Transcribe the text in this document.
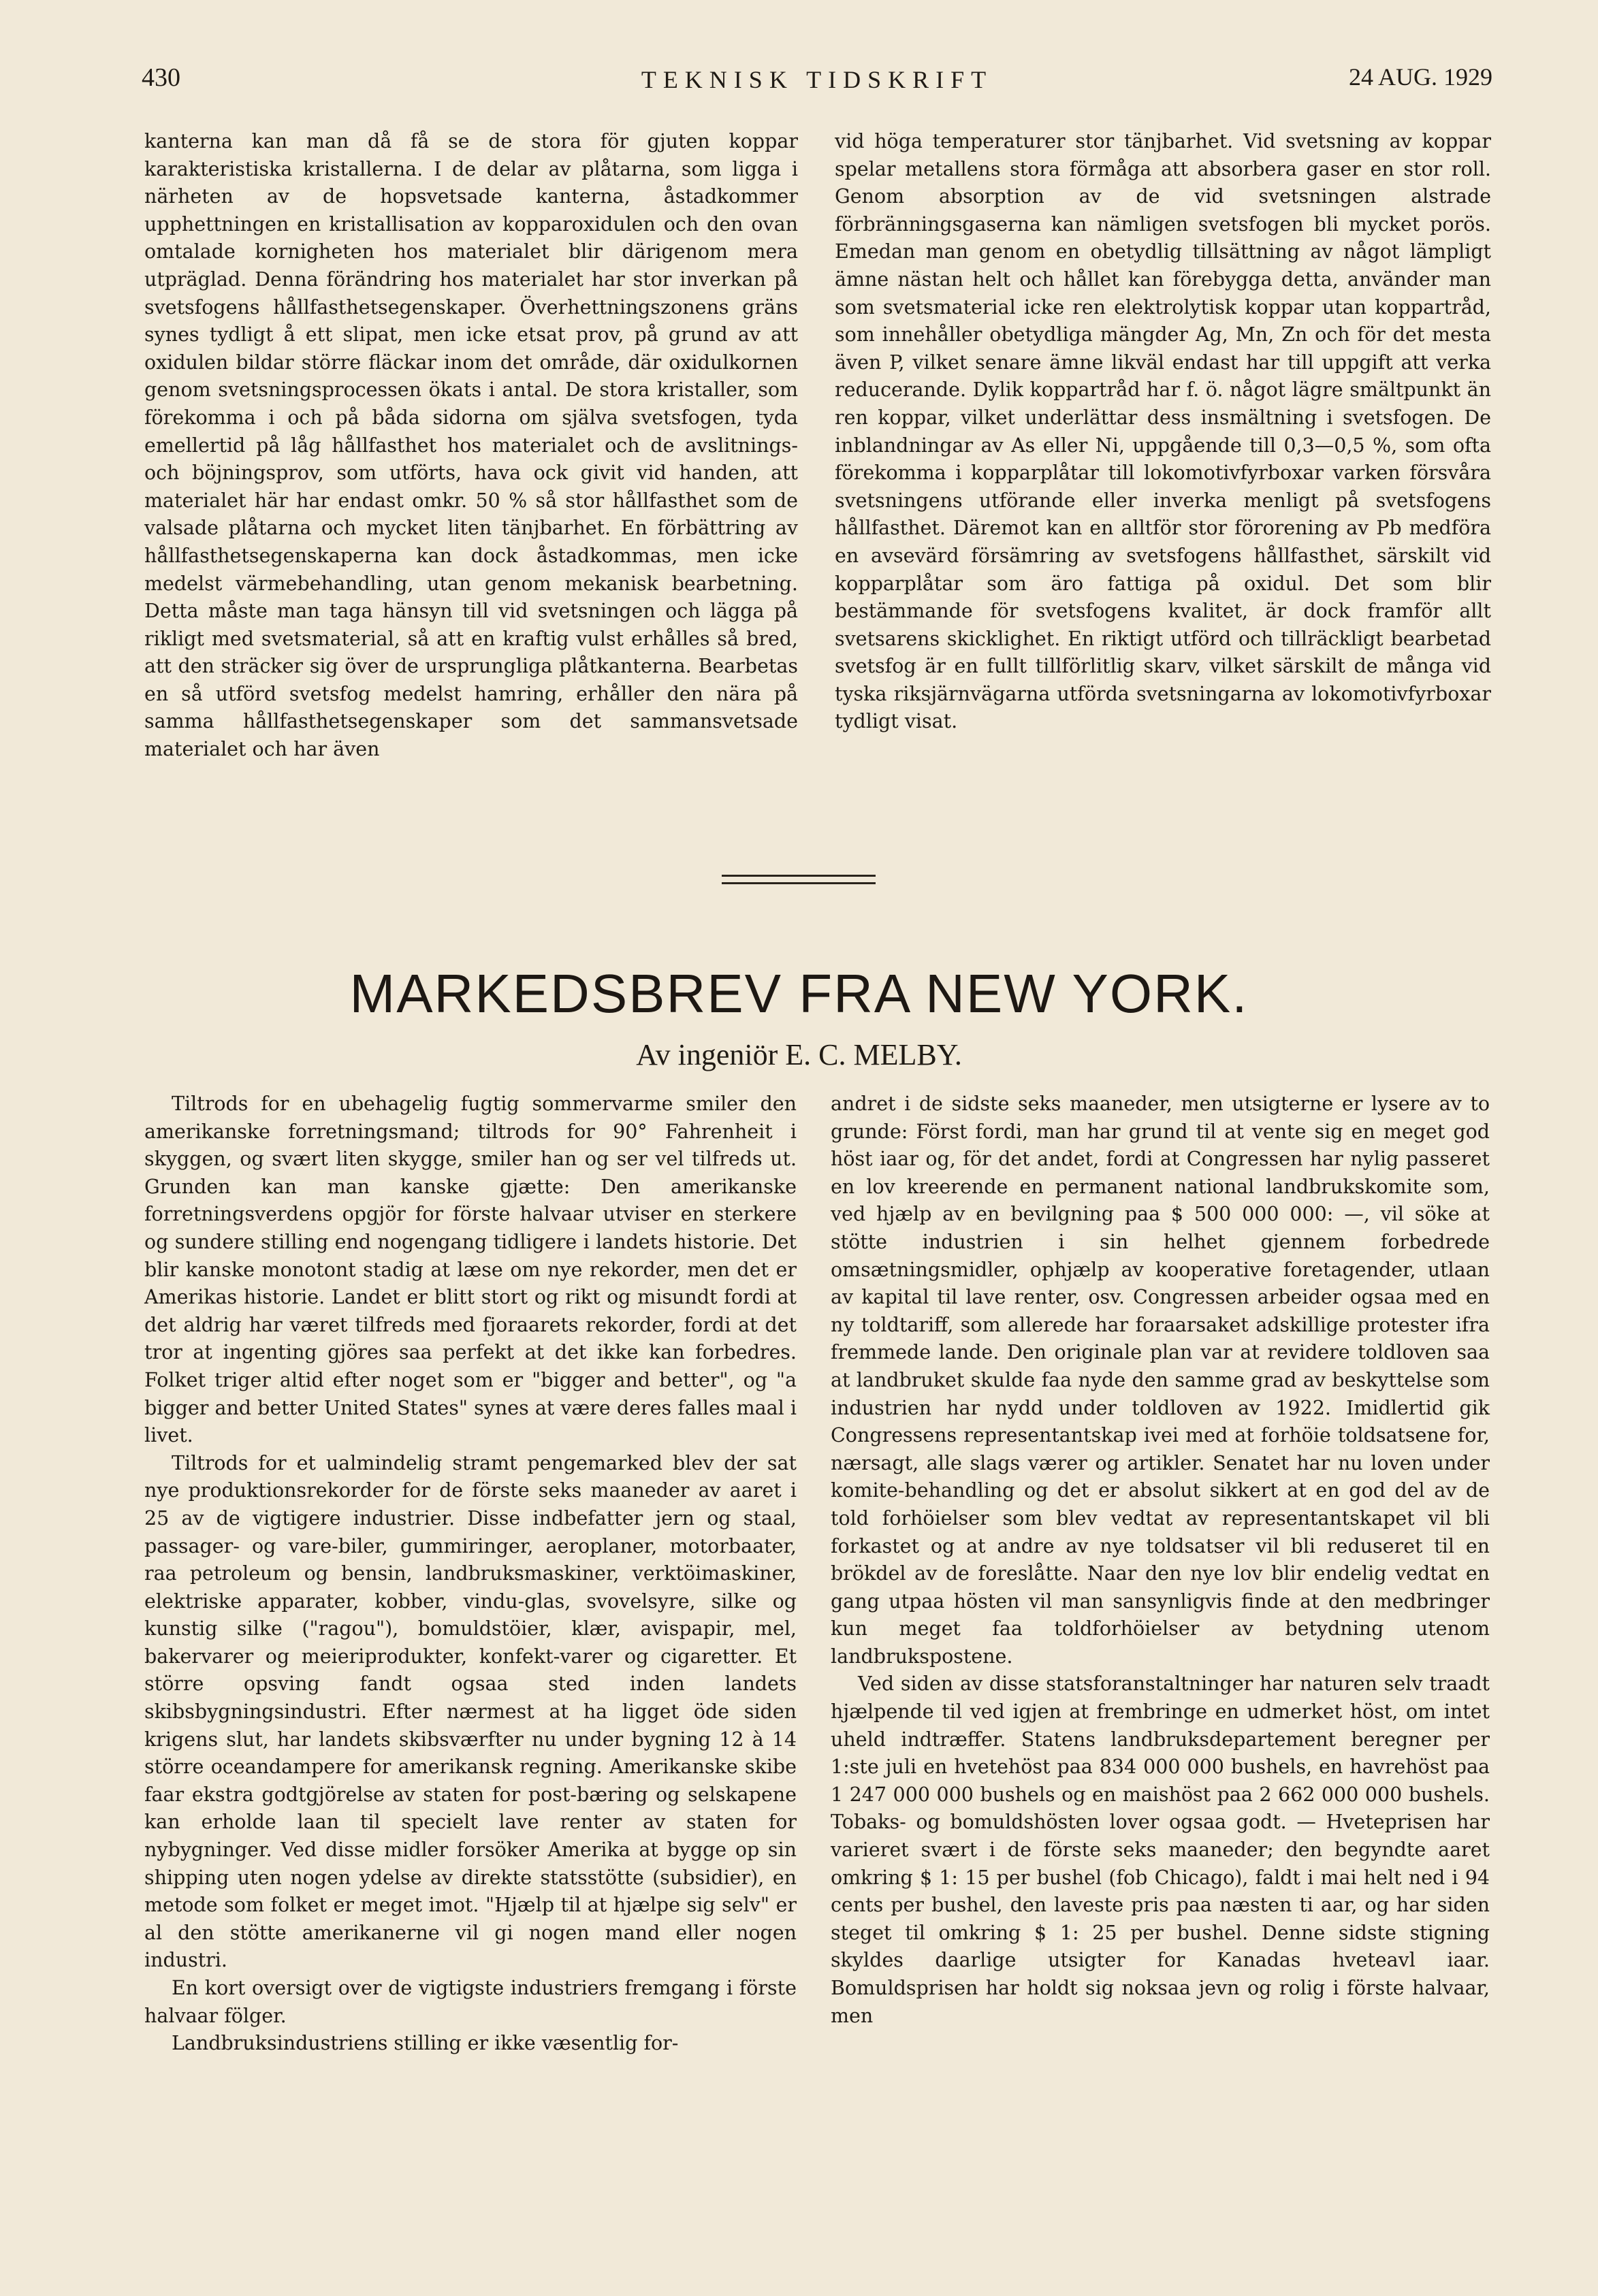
430	TEKNISK TIDSKRIFT	24 AUG. 1929

kanterna kan man då få se de stora för gjuten koppar karakteristiska kristallerna. I de delar av plåtarna, som ligga i närheten av de hopsvetsade kanterna, åstadkommer upphettningen en kristallisation av kopparoxidulen och den ovan omtalade kornigheten hos materialet blir därigenom mera utpräglad. Denna förändring hos materialet har stor inverkan på svetsfogens hållfasthetsegenskaper. Överhettningszonens gräns synes tydligt å ett slipat, men icke etsat prov, på grund av att oxidulen bildar större fläckar inom det område, där oxidulkornen genom svetsningsprocessen ökats i antal. De stora kristaller, som förekomma i och på båda sidorna om själva svetsfogen, tyda emellertid på låg hållfasthet hos materialet och de avslitnings- och böjningsprov, som utförts, hava ock givit vid handen, att materialet här har endast omkr. 50 % så stor hållfasthet som de valsade plåtarna och mycket liten tänjbarhet. En förbättring av hållfasthetsegenskaperna kan dock åstadkommas, men icke medelst värmebehandling, utan genom mekanisk bearbetning. Detta måste man taga hänsyn till vid svetsningen och lägga på rikligt med svetsmaterial, så att en kraftig vulst erhålles så bred, att den sträcker sig över de ursprungliga plåtkanterna. Bearbetas en så utförd svetsfog medelst hamring, erhåller den nära på samma hållfasthetsegenskaper som det sammansvetsade materialet och har även

vid höga temperaturer stor tänjbarhet. Vid svetsning av koppar spelar metallens stora förmåga att absorbera gaser en stor roll. Genom absorption av de vid svetsningen alstrade förbränningsgaserna kan nämligen svetsfogen bli mycket porös. Emedan man genom en obetydlig tillsättning av något lämpligt ämne nästan helt och hållet kan förebygga detta, använder man som svetsmaterial icke ren elektrolytisk koppar utan koppartråd, som innehåller obetydliga mängder Ag, Mn, Zn och för det mesta även P, vilket senare ämne likväl endast har till uppgift att verka reducerande. Dylik koppartråd har f. ö. något lägre smältpunkt än ren koppar, vilket underlättar dess insmältning i svetsfogen. De inblandningar av As eller Ni, uppgående till 0,3—0,5 %, som ofta förekomma i kopparplåtar till lokomotivfyrboxar varken försvåra svetsningens utförande eller inverka menligt på svetsfogens hållfasthet. Däremot kan en alltför stor förorening av Pb medföra en avsevärd försämring av svetsfogens hållfasthet, särskilt vid kopparplåtar som äro fattiga på oxidul. Det som blir bestämmande för svetsfogens kvalitet, är dock framför allt svetsarens skicklighet. En riktigt utförd och tillräckligt bearbetad svetsfog är en fullt tillförlitlig skarv, vilket särskilt de många vid tyska riksjärnvägarna utförda svetsningarna av lokomotivfyrboxar tydligt visat.

MARKEDSBREV FRA NEW YORK.
Av ingeniör E. C. MELBY.

Tiltrods for en ubehagelig fugtig sommervarme smiler den amerikanske forretningsmand; tiltrods for 90° Fahrenheit i skyggen, og svært liten skygge, smiler han og ser vel tilfreds ut. Grunden kan man kanske gjætte: Den amerikanske forretningsverdens opgjör for förste halvaar utviser en sterkere og sundere stilling end nogengang tidligere i landets historie. Det blir kanske monotont stadig at læse om nye rekorder, men det er Amerikas historie. Landet er blitt stort og rikt og misundt fordi at det aldrig har været tilfreds med fjoraarets rekorder, fordi at det tror at ingenting gjöres saa perfekt at det ikke kan forbedres. Folket triger altid efter noget som er "bigger and better", og "a bigger and better United States" synes at være deres falles maal i livet.

Tiltrods for et ualmindelig stramt pengemarked blev der sat nye produktionsrekorder for de förste seks maaneder av aaret i 25 av de vigtigere industrier. Disse indbefatter jern og staal, passager- og vare-biler, gummiringer, aeroplaner, motorbaater, raa petroleum og bensin, landbruksmaskiner, verktöimaskiner, elektriske apparater, kobber, vindu-glas, svovelsyre, silke og kunstig silke ("ragou"), bomuldstöier, klær, avispapir, mel, bakervarer og meieriprodukter, konfekt-varer og cigaretter. Et större opsving fandt ogsaa sted inden landets skibsbygningsindustri. Efter nærmest at ha ligget öde siden krigens slut, har landets skibsværfter nu under bygning 12 à 14 större oceandampere for amerikansk regning. Amerikanske skibe faar ekstra godtgjörelse av staten for post-bæring og selskapene kan erholde laan til specielt lave renter av staten for nybygninger. Ved disse midler forsöker Amerika at bygge op sin shipping uten nogen ydelse av direkte statsstötte (subsidier), en metode som folket er meget imot. "Hjælp til at hjælpe sig selv" er al den stötte amerikanerne vil gi nogen mand eller nogen industri.

En kort oversigt over de vigtigste industriers fremgang i förste halvaar fölger.

Landbruksindustriens stilling er ikke væsentlig for-

andret i de sidste seks maaneder, men utsigterne er lysere av to grunde: Först fordi, man har grund til at vente sig en meget god höst iaar og, för det andet, fordi at Congressen har nylig passeret en lov kreerende en permanent national landbrukskomite som, ved hjælp av en bevilgning paa $ 500 000 000: —, vil söke at stötte industrien i sin helhet gjennem forbedrede omsætningsmidler, ophjælp av kooperative foretagender, utlaan av kapital til lave renter, osv. Congressen arbeider ogsaa med en ny toldtariff, som allerede har foraarsaket adskillige protester ifra fremmede lande. Den originale plan var at revidere toldloven saa at landbruket skulde faa nyde den samme grad av beskyttelse som industrien har nydd under toldloven av 1922. Imidlertid gik Congressens representantskap ivei med at forhöie toldsatsene for, nærsagt, alle slags værer og artikler. Senatet har nu loven under komite-behandling og det er absolut sikkert at en god del av de told forhöielser som blev vedtat av representantskapet vil bli forkastet og at andre av nye toldsatser vil bli reduseret til en brökdel av de foreslåtte. Naar den nye lov blir endelig vedtat en gang utpaa hösten vil man sansynligvis finde at den medbringer kun meget faa toldforhöielser av betydning utenom landbrukspostene.

Ved siden av disse statsforanstaltninger har naturen selv traadt hjælpende til ved igjen at frembringe en udmerket höst, om intet uheld indtræffer. Statens landbruksdepartement beregner per 1:ste juli en hvetehöst paa 834 000 000 bushels, en havrehöst paa 1 247 000 000 bushels og en maishöst paa 2 662 000 000 bushels. Tobaks- og bomuldshösten lover ogsaa godt. — Hveteprisen har varieret svært i de förste seks maaneder; den begyndte aaret omkring $ 1: 15 per bushel (fob Chicago), faldt i mai helt ned i 94 cents per bushel, den laveste pris paa næsten ti aar, og har siden steget til omkring $ 1: 25 per bushel. Denne sidste stigning skyldes daarlige utsigter for Kanadas hveteavl iaar. Bomuldsprisen har holdt sig noksaa jevn og rolig i förste halvaar, men
